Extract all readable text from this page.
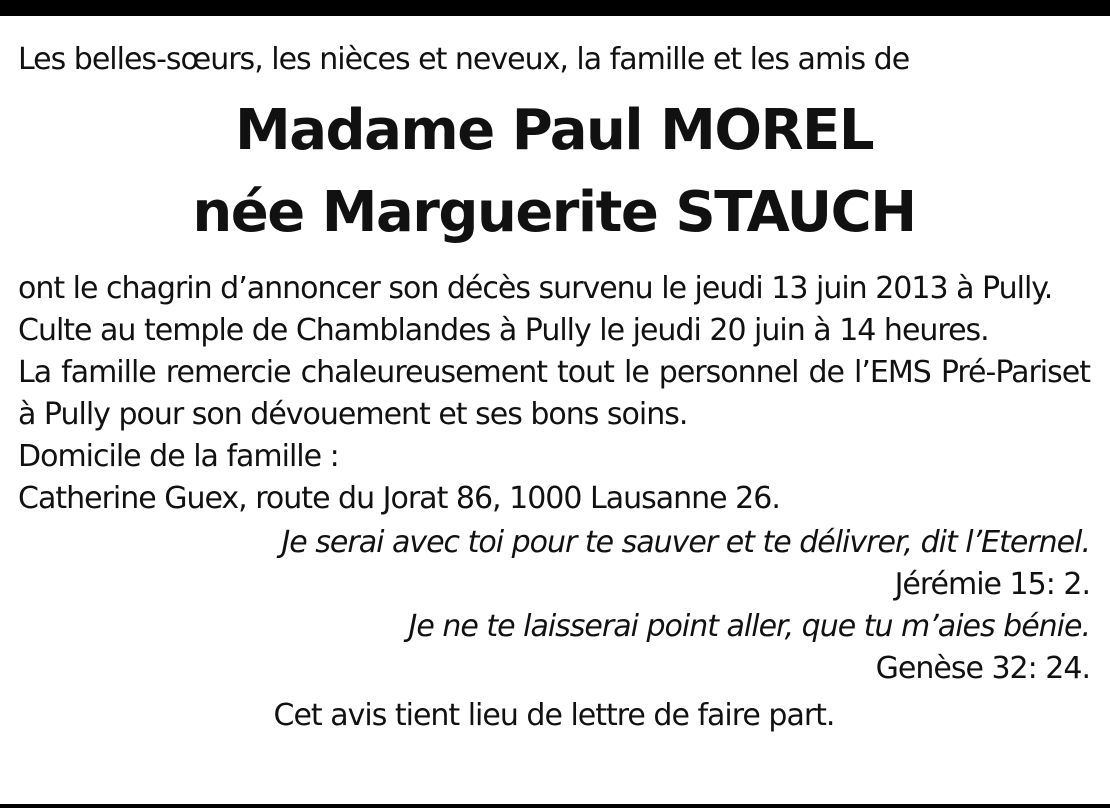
Les belles-sœurs, les nièces et neveux, la famille et les amis de
Madame Paul MOREL
née Marguerite STAUCH
ont le chagrin d’annoncer son décès survenu le jeudi 13 juin 2013 à Pully.
Culte au temple de Chamblandes à Pully le jeudi 20 juin à 14 heures.
La famille remercie chaleureusement tout le personnel de l’EMS Pré-Pariset à Pully pour son dévouement et ses bons soins.
Domicile de la famille :
Catherine Guex, route du Jorat 86, 1000 Lausanne 26.
Je serai avec toi pour te sauver et te délivrer, dit l’Eternel.
Jérémie 15: 2.
Je ne te laisserai point aller, que tu m’aies bénie.
Genèse 32: 24.
Cet avis tient lieu de lettre de faire part.
